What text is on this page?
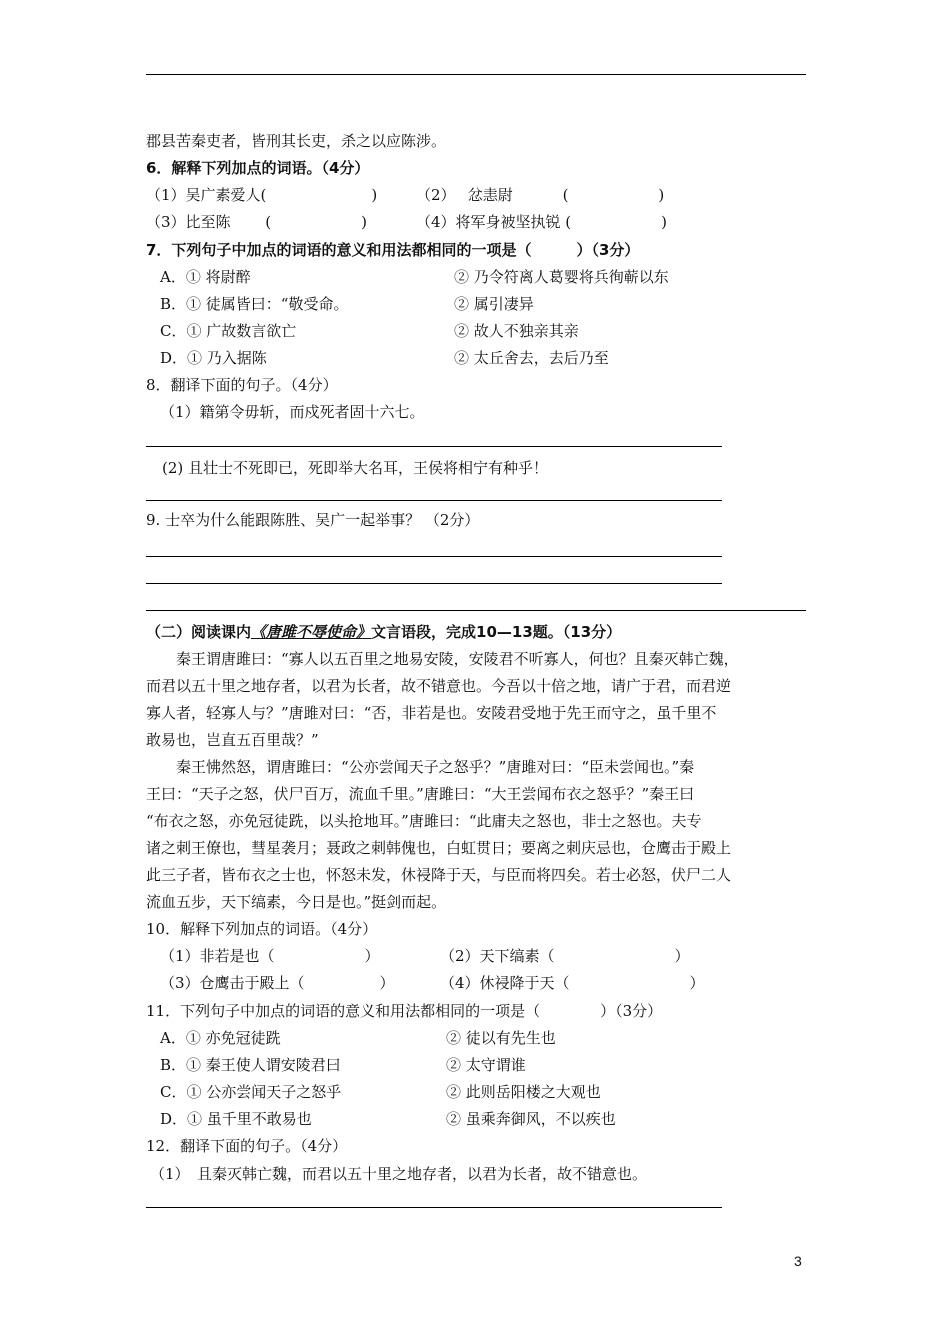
郡县苦秦吏者，皆刑其长吏，杀之以应陈涉。
6．解释下列加点的词语。（4分）
（1）吴广素爱人(　　　　　　　)	（2）　 忿恚尉　　　 (　　　　　　)
（3）比至陈　　 (　　　　　　)	（4）将军身被坚执锐 (　　　　　　)
7．下列句子中加点的词语的意义和用法都相同的一项是（　　　）（3分）
A．① 将尉醉	② 乃令符离人葛婴将兵徇蕲以东
B．① 徒属皆曰：“敬受命。	② 属引凄异
C．① 广故数言欲亡	② 故人不独亲其亲
D．① 乃入据陈	② 太丘舍去，去后乃至
8．翻译下面的句子。（4分）
（1）籍第令毋斩，而戍死者固十六七。
(2) 且壮士不死即已，死即举大名耳，王侯将相宁有种乎！
9. 士卒为什么能跟陈胜、吴广一起举事？ （2分）
（二）阅读课内《唐雎不辱使命》文言语段，完成10—13题。（13分）
　　秦王谓唐雎曰：“寡人以五百里之地易安陵，安陵君不听寡人，何也？且秦灭韩亡魏，
而君以五十里之地存者，以君为长者，故不错意也。今吾以十倍之地，请广于君，而君逆
寡人者，轻寡人与？”唐雎对曰：“否，非若是也。安陵君受地于先王而守之，虽千里不
敢易也，岂直五百里哉？”
　　秦王怫然怒，谓唐雎曰：“公亦尝闻天子之怒乎？”唐雎对曰：“臣未尝闻也。”秦
王曰：“天子之怒，伏尸百万，流血千里。”唐雎曰：“大王尝闻布衣之怒乎？”秦王曰
“布衣之怒，亦免冠徒跣，以头抢地耳。”唐雎曰：“此庸夫之怒也，非士之怒也。夫专
诸之刺王僚也，彗星袭月；聂政之刺韩傀也，白虹贯日；要离之刺庆忌也，仓鹰击于殿上
此三子者，皆布衣之士也，怀怒未发，休祲降于天，与臣而将四矣。若士必怒，伏尸二人
流血五步，天下缟素，今日是也。”挺剑而起。
10．解释下列加点的词语。（4分）
（1）非若是也（　　　　　　）	（2）天下缟素（　　　　　　　　）
（3）仓鹰击于殿上（　　　　　）	（4）休祲降于天（　　　　　　　　）
11．下列句子中加点的词语的意义和用法都相同的一项是（　　　　）（3分）
A．① 亦免冠徒跣	② 徒以有先生也
B．① 秦王使人谓安陵君曰	② 太守谓谁
C．① 公亦尝闻天子之怒乎	② 此则岳阳楼之大观也
D．① 虽千里不敢易也	② 虽乘奔御风，不以疾也
12．翻译下面的句子。（4分）
（1）　且秦灭韩亡魏，而君以五十里之地存者，以君为长者，故不错意也。
3
